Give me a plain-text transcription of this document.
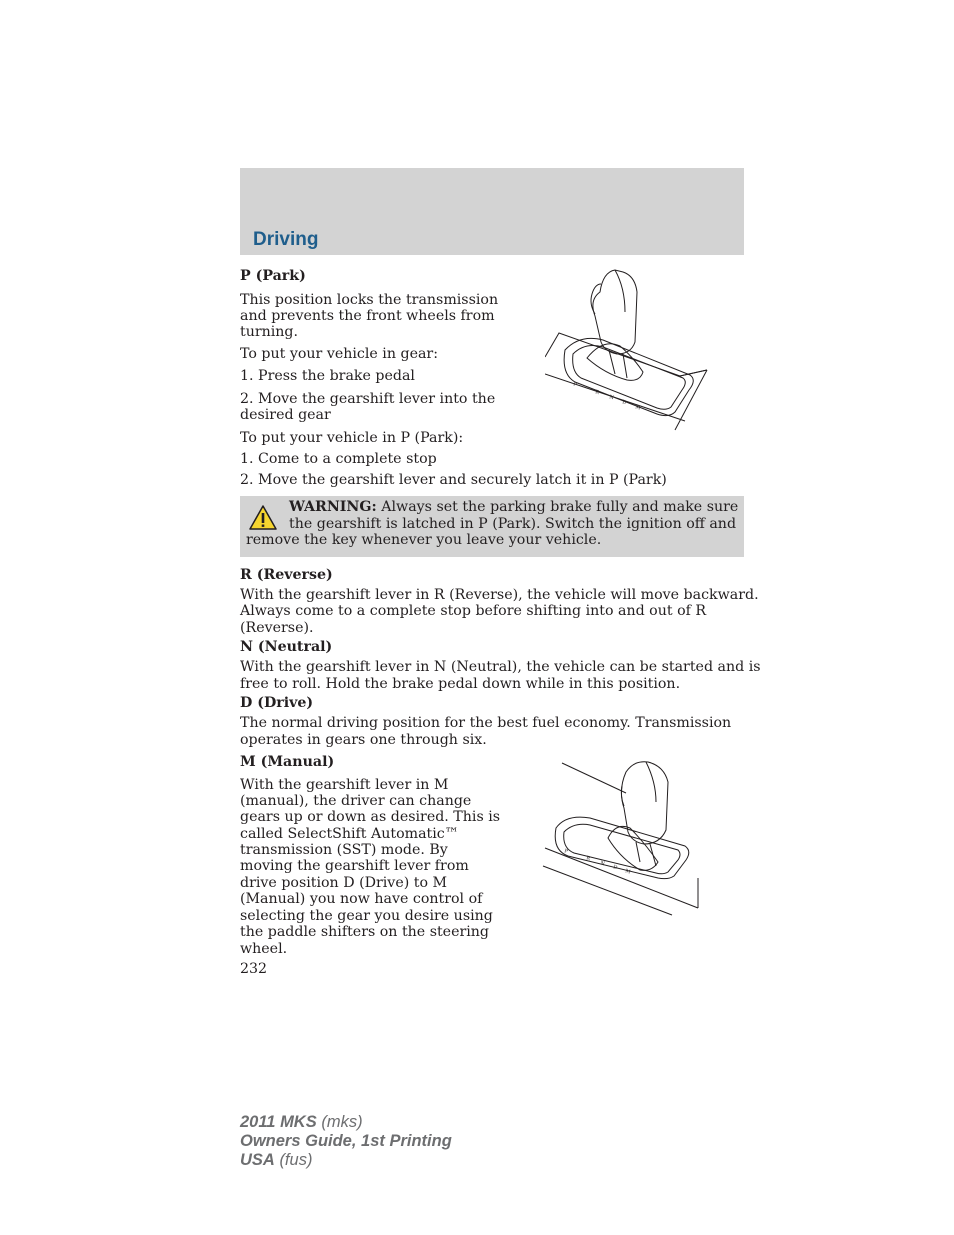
Driving
P (Park)
This position locks the transmission
and prevents the front wheels from
turning.
To put your vehicle in gear:
1. Press the brake pedal
2. Move the gearshift lever into the
desired gear
To put your vehicle in P (Park):
1. Come to a complete stop
2. Move the gearshift lever and securely latch it in P (Park)
P
R
N
D
M
WARNING: Always set the parking brake fully and make sure
the gearshift is latched in P (Park). Switch the ignition off and
remove the key whenever you leave your vehicle.
R (Reverse)
With the gearshift lever in R (Reverse), the vehicle will move backward.
Always come to a complete stop before shifting into and out of R
(Reverse).
N (Neutral)
With the gearshift lever in N (Neutral), the vehicle can be started and is
free to roll. Hold the brake pedal down while in this position.
D (Drive)
The normal driving position for the best fuel economy. Transmission
operates in gears one through six.
M (Manual)
With the gearshift lever in M
(manual), the driver can change
gears up or down as desired. This is
called SelectShift Automatic™
transmission (SST) mode. By
moving the gearshift lever from
drive position D (Drive) to M
(Manual) you now have control of
selecting the gear you desire using
the paddle shifters on the steering
wheel.
P
R
N
D
M
232
2011 MKS (mks)
Owners Guide, 1st Printing
USA (fus)
